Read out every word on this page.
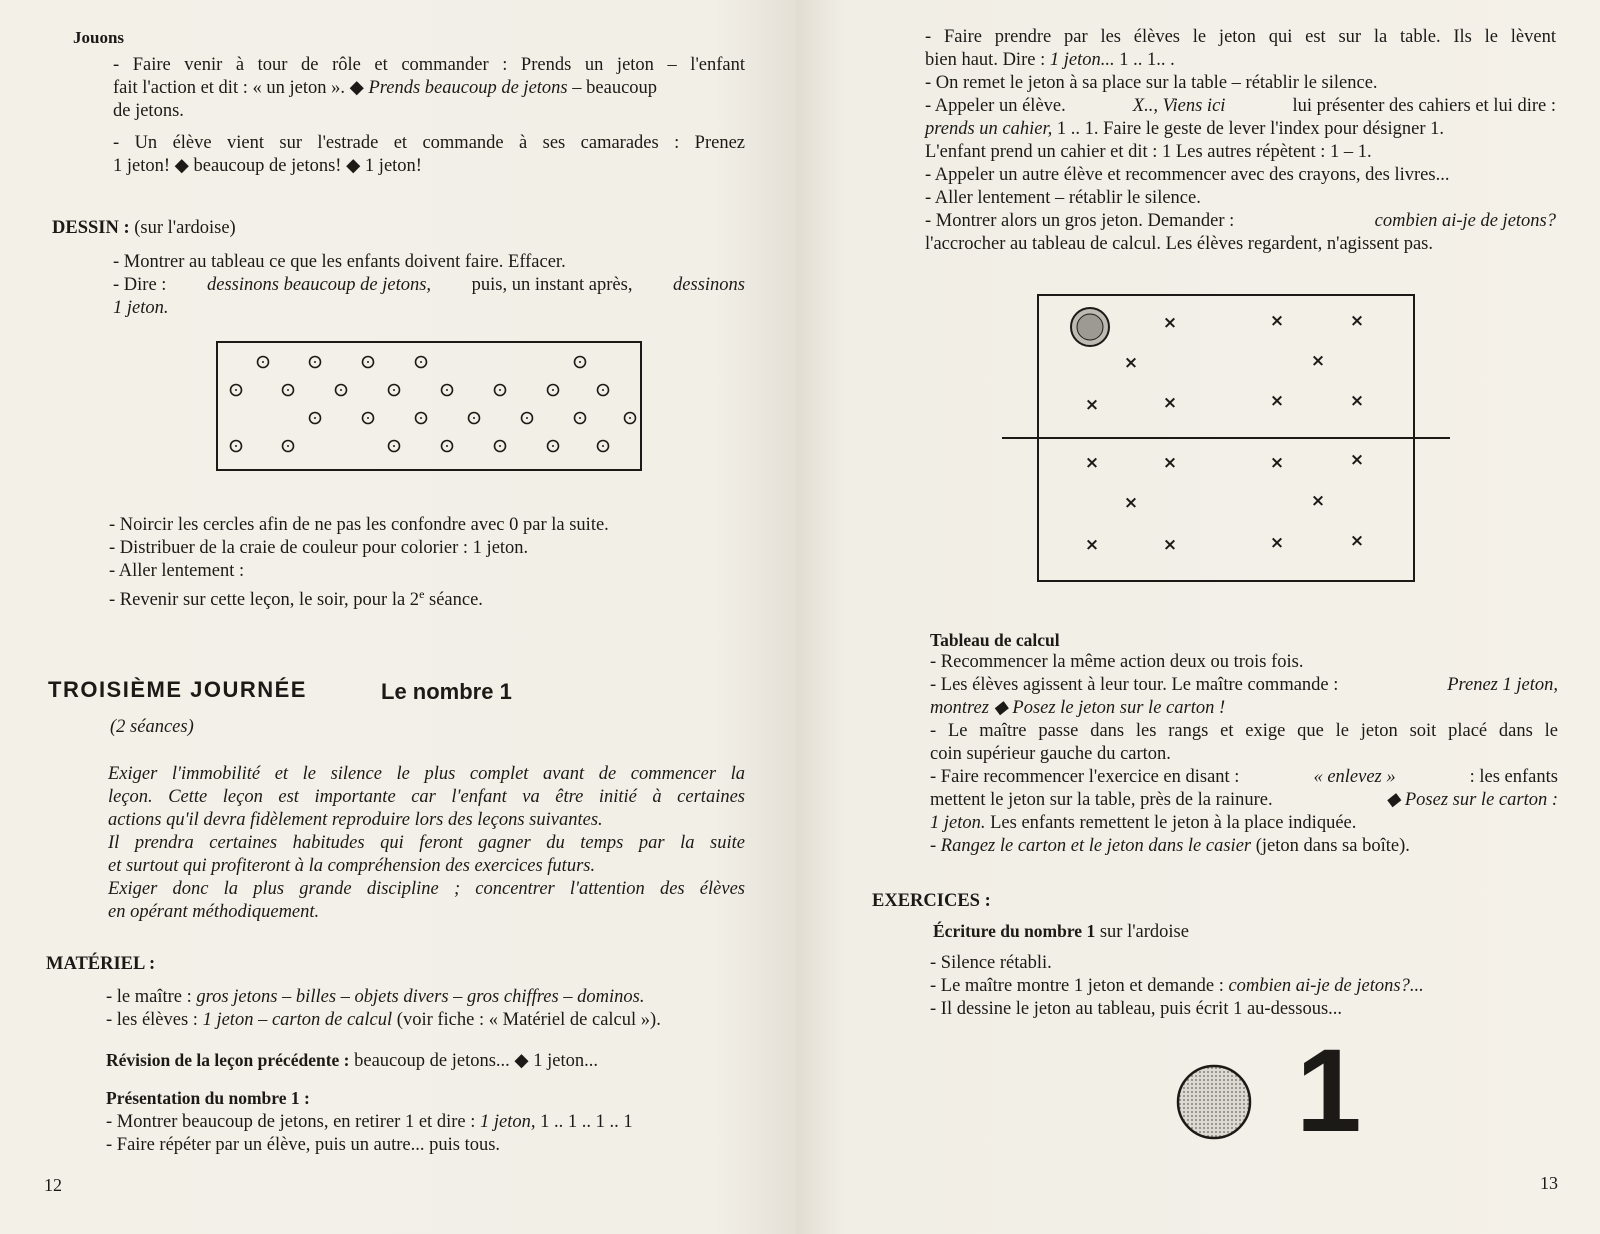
Jouons
- Faire venir à tour de rôle et commander : Prends un jeton – l'enfant
fait l'action et dit : « un jeton ». ◆ Prends beaucoup de jetons – beaucoup
de jetons.
- Un élève vient sur l'estrade et commande à ses camarades : Prenez
1 jeton! ◆ beaucoup de jetons! ◆ 1 jeton!
DESSIN : (sur l'ardoise)
- Montrer au tableau ce que les enfants doivent faire. Effacer.
- Dire : dessinons beaucoup de jetons, puis, un instant après, dessinons
1 jeton.
- Noircir les cercles afin de ne pas les confondre avec 0 par la suite.
- Distribuer de la craie de couleur pour colorier : 1 jeton.
- Aller lentement :
- Revenir sur cette leçon, le soir, pour la 2e séance.
TROISIÈME JOURNÉE	Le nombre 1
(2 séances)
Exiger l'immobilité et le silence le plus complet avant de commencer la
leçon. Cette leçon est importante car l'enfant va être initié à certaines
actions qu'il devra fidèlement reproduire lors des leçons suivantes.
Il prendra certaines habitudes qui feront gagner du temps par la suite
et surtout qui profiteront à la compréhension des exercices futurs.
Exiger donc la plus grande discipline ; concentrer l'attention des élèves
en opérant méthodiquement.
MATÉRIEL :
- le maître : gros jetons – billes – objets divers – gros chiffres – dominos.
- les élèves : 1 jeton – carton de calcul (voir fiche : « Matériel de calcul »).
Révision de la leçon précédente : beaucoup de jetons... ◆ 1 jeton...
Présentation du nombre 1 :
- Montrer beaucoup de jetons, en retirer 1 et dire : 1 jeton, 1 .. 1 .. 1 .. 1
- Faire répéter par un élève, puis un autre... puis tous.
12
- Faire prendre par les élèves le jeton qui est sur la table. Ils le lèvent
bien haut. Dire : 1 jeton... 1 .. 1.. .
- On remet le jeton à sa place sur la table – rétablir le silence.
- Appeler un élève.	X.., Viens ici	lui présenter des cahiers et lui dire :
prends un cahier, 1 .. 1. Faire le geste de lever l'index pour désigner 1.
L'enfant prend un cahier et dit : 1 Les autres répètent : 1 – 1.
- Appeler un autre élève et recommencer avec des crayons, des livres...
- Aller lentement – rétablir le silence.
- Montrer alors un gros jeton. Demander :	combien ai-je de jetons?
l'accrocher au tableau de calcul. Les élèves regardent, n'agissent pas.
×	×	×
×	×
×	×	×	×
×	×	×	×
×	×
×	×	×	×
Tableau de calcul
- Recommencer la même action deux ou trois fois.
- Les élèves agissent à leur tour. Le maître commande :	Prenez 1 jeton,
montrez ◆ Posez le jeton sur le carton !
- Le maître passe dans les rangs et exige que le jeton soit placé dans le
coin supérieur gauche du carton.
- Faire recommencer l'exercice en disant :	« enlevez »	: les enfants
mettent le jeton sur la table, près de la rainure.	◆ Posez sur le carton :
1 jeton. Les enfants remettent le jeton à la place indiquée.
- Rangez le carton et le jeton dans le casier (jeton dans sa boîte).
EXERCICES :
Écriture du nombre 1 sur l'ardoise
- Silence rétabli.
- Le maître montre 1 jeton et demande : combien ai-je de jetons?...
- Il dessine le jeton au tableau, puis écrit 1 au-dessous...
1
13
